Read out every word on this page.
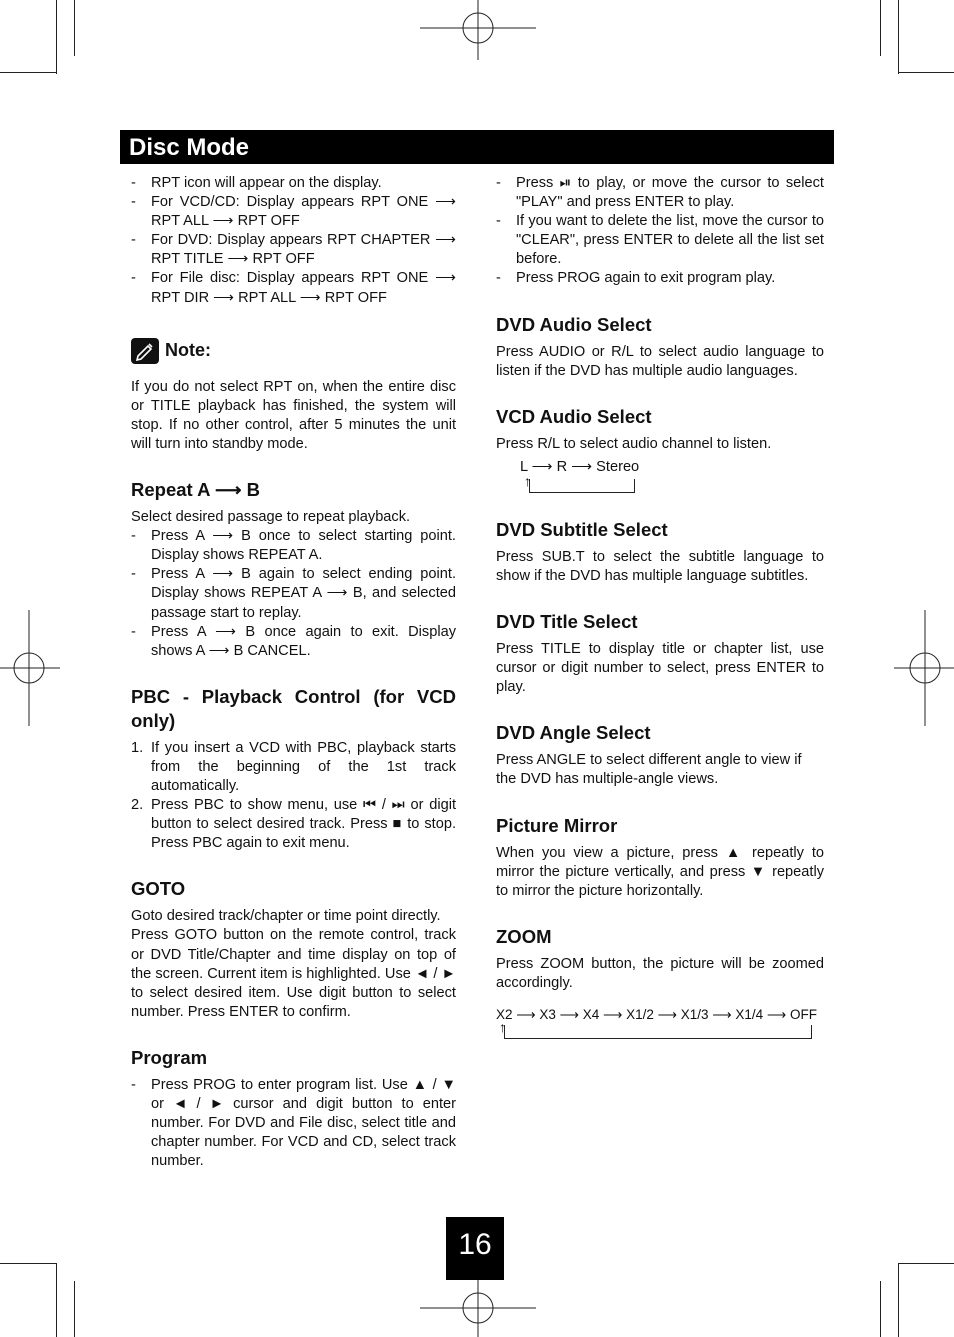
Disc Mode
- RPT icon will appear on the display.
- For VCD/CD: Display appears RPT ONE ⟶ RPT ALL ⟶ RPT OFF
- For DVD: Display appears RPT CHAPTER ⟶ RPT TITLE ⟶ RPT OFF
- For File disc: Display appears RPT ONE ⟶ RPT DIR ⟶ RPT ALL ⟶ RPT OFF
Note:

If you do not select RPT on, when the entire disc or TITLE playback has finished, the system will stop. If no other control, after 5 minutes the unit will turn into standby mode.

Repeat A ⟶ B

Select desired passage to repeat playback.

- Press A ⟶ B once to select starting point. Display shows REPEAT A.
- Press A ⟶ B again to select ending point. Display shows REPEAT A ⟶ B, and selected passage start to replay.
- Press A ⟶ B once again to exit. Display shows A ⟶ B CANCEL.
PBC - Playback Control (for VCD only)
1. If you insert a VCD with PBC, playback starts from the beginning of the 1st track automatically.
2. Press PBC to show menu, use ⏮ / ⏭ or digit button to select desired track. Press ■ to stop. Press PBC again to exit menu.
GOTO

Goto desired track/chapter or time point directly.

Press GOTO button on the remote control, track or DVD Title/Chapter and time display on top of the screen. Current item is highlighted. Use ◄ / ► to select desired item. Use digit button to select number. Press ENTER to confirm.

Program
- Press PROG to enter program list. Use ▲ / ▼ or ◄ / ► cursor and digit button to enter number. For DVD and File disc, select title and chapter number. For VCD and CD, select track number.
- Press ⏯ to play, or move the cursor to select "PLAY" and press ENTER to play.
- If you want to delete the list, move the cursor to "CLEAR", press ENTER to delete all the list set before.
- Press PROG again to exit program play.
DVD Audio Select

Press AUDIO or R/L to select audio language to listen if the DVD has multiple audio languages.

VCD Audio Select

Press R/L to select audio channel to listen.

L ⟶ R ⟶ Stereo
↑
DVD Subtitle Select

Press SUB.T to select the subtitle language to show if the DVD has multiple language subtitles.

DVD Title Select

Press TITLE to display title or chapter list, use cursor or digit number to select, press ENTER to play.

DVD Angle Select

Press ANGLE to select different angle to view if the DVD has multiple-angle views.

Picture Mirror

When you view a picture, press ▲ repeatly to mirror the picture vertically, and press ▼ repeatly to mirror the picture horizontally.

ZOOM

Press ZOOM button, the picture will be zoomed accordingly.

X2 ⟶ X3 ⟶ X4 ⟶ X1/2 ⟶ X1/3 ⟶ X1/4 ⟶ OFF
↑
16
